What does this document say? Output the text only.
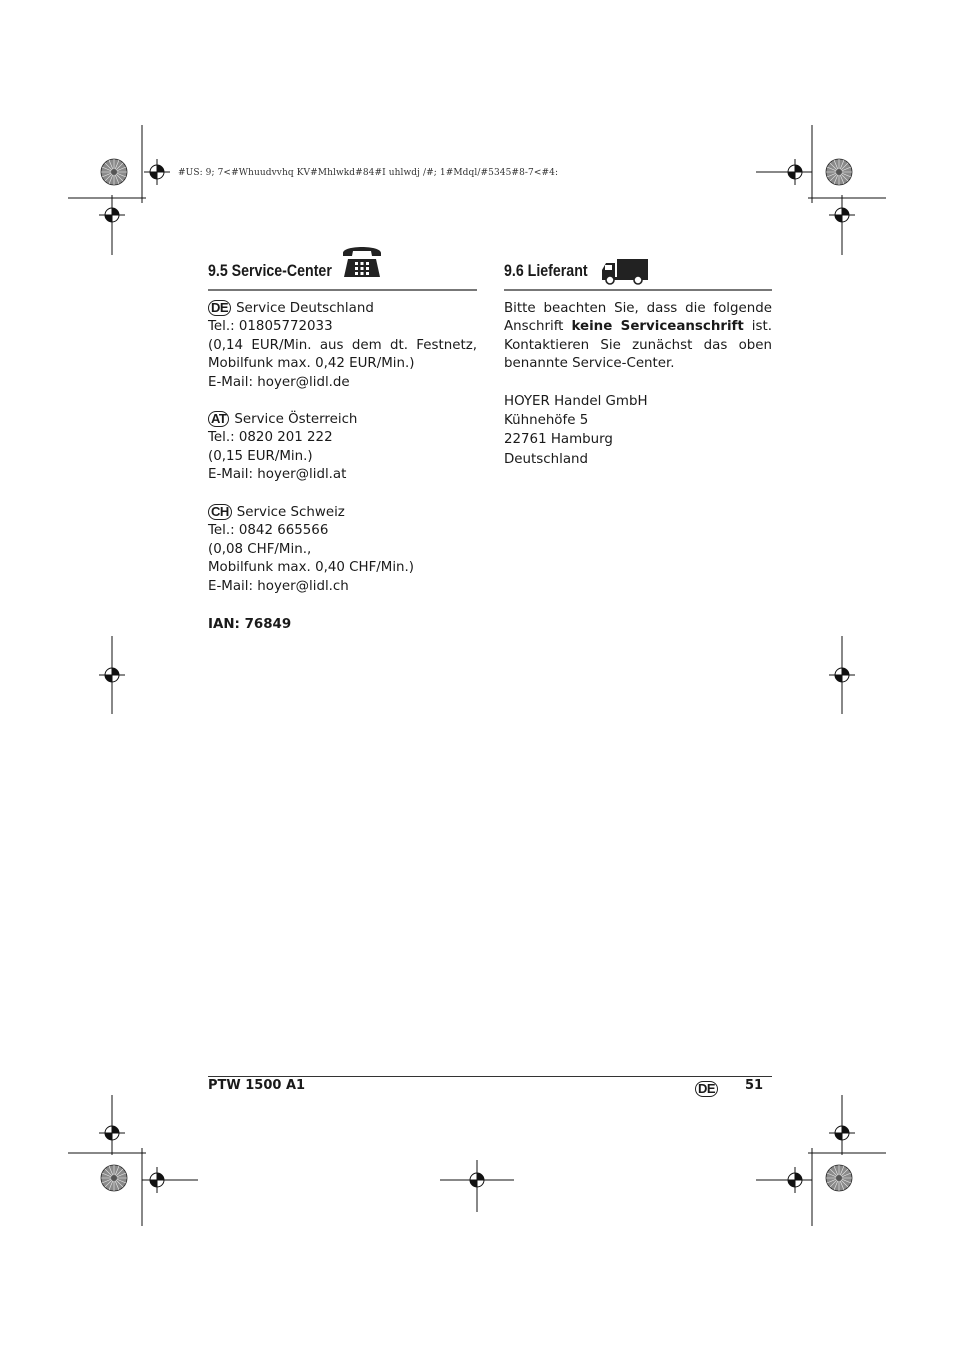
#US: 9; 7<#Whuudvvhq KV#Mhlwkd#84#I uhlwdj /#; 1#Mdql/#5345#8-7<#4:
9.5 Service-Center
DE Service Deutschland
Tel.: 01805772033
(0,14 EUR/Min. aus dem dt. Festnetz,
Mobilfunk max. 0,42 EUR/Min.)
E-Mail: hoyer@lidl.de
AT Service Österreich
Tel.: 0820 201 222
(0,15 EUR/Min.)
E-Mail: hoyer@lidl.at
CH Service Schweiz
Tel.: 0842 665566
(0,08 CHF/Min.,
Mobilfunk max. 0,40 CHF/Min.)
E-Mail: hoyer@lidl.ch
IAN: 76849
9.6 Lieferant
Bitte beachten Sie, dass die folgende
Anschrift keine Serviceanschrift ist.
Kontaktieren Sie zunächst das oben
benannte Service-Center.
HOYER Handel GmbH
Kühnehöfe 5
22761 Hamburg
Deutschland
PTW 1500 A1	DE 51
